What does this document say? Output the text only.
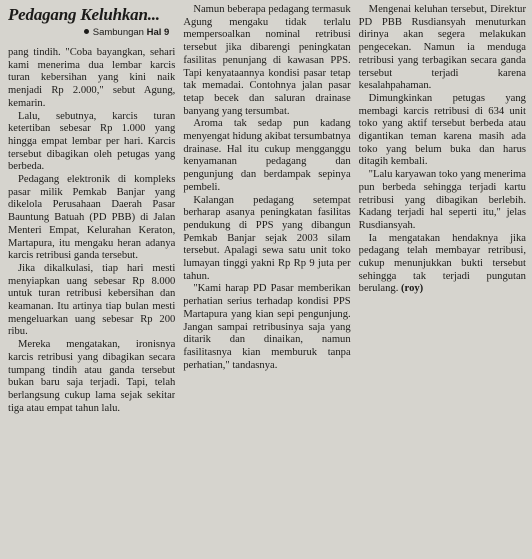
Pedagang Keluhkan...
Sambungan Hal 9

pang tindih. "Coba bayangkan, sehari kami menerima dua lembar karcis turan kebersihan yang kini naik menjadi Rp 2.000," sebut Agung, kemarin.

Lalu, sebutnya, karcis turan ketertiban sebesar Rp 1.000 yang hingga empat lembar per hari. Karcis tersebut dibagikan oleh petugas yang berbeda.

Pedagang elektronik di kompleks pasar milik Pemkab Banjar yang dikelola Perusahaan Daerah Pasar Bauntung Batuah (PD PBB) di Jalan Menteri Empat, Kelurahan Keraton, Martapura, itu mengaku heran adanya karcis retribusi ganda tersebut.

Jika dikalkulasi, tiap hari mesti menyiapkan uang sebesar Rp 8.000 untuk turan retribusi kebersihan dan keamanan. Itu artinya tiap bulan mesti mengeluarkan uang sebesar Rp 200 ribu.

Mereka mengatakan, ironisnya karcis retribusi yang dibagikan secara tumpang tindih atau ganda tersebut bukan baru saja terjadi. Tapi, telah berlangsung cukup lama sejak sekitar tiga atau empat tahun lalu.

Namun beberapa pedagang termasuk Agung mengaku tidak terlalu mempersoalkan nominal retribusi tersebut jika dibarengi peningkatan fasilitas penunjang di kawasan PPS. Tapi kenyataannya kondisi pasar tetap tak memadai. Contohnya jalan pasar tetap becek dan saluran drainase banyang yang tersumbat.

Aroma tak sedap pun kadang menyengat hidung akibat tersumbatnya drainase. Hal itu cukup mengganggu kenyamanan pedagang dan pengunjung dan berdampak sepinya pembeli.

Kalangan pedagang setempat berharap asanya peningkatan fasilitas pendukung di PPS yang dibangun Pemkab Banjar sejak 2003 silam tersebut. Apalagi sewa satu unit toko lumayan tinggi yakni Rp Rp 9 juta per tahun.

"Kami harap PD Pasar memberikan perhatian serius terhadap kondisi PPS Martapura yang kian sepi pengunjung. Jangan sampai retribusinya saja yang ditarik dan dinaikan, namun fasilitasnya kian memburuk tanpa perhatian," tandasnya.

Mengenai keluhan tersebut, Direktur PD PBB Rusdiansyah menuturkan dirinya akan segera melakukan pengecekan. Namun ia menduga retribusi yang terbagikan secara ganda tersebut terjadi karena kesalahpahaman.

Dimungkinkan petugas yang membagi karcis retribusi di 634 unit toko yang aktif tersebut berbeda atau digantikan teman karena masih ada toko yang belum buka dan harus ditagih kembali.

"Lalu karyawan toko yang menerima pun berbeda sehingga terjadi kartu retribusi yang dibagikan berlebih. Kadang terjadi hal seperti itu," jelas Rusdiansyah.

Ia mengatakan hendaknya jika pedagang telah membayar retribusi, cukup menunjukkan bukti tersebut sehingga tak terjadi pungutan berulang. (roy)
